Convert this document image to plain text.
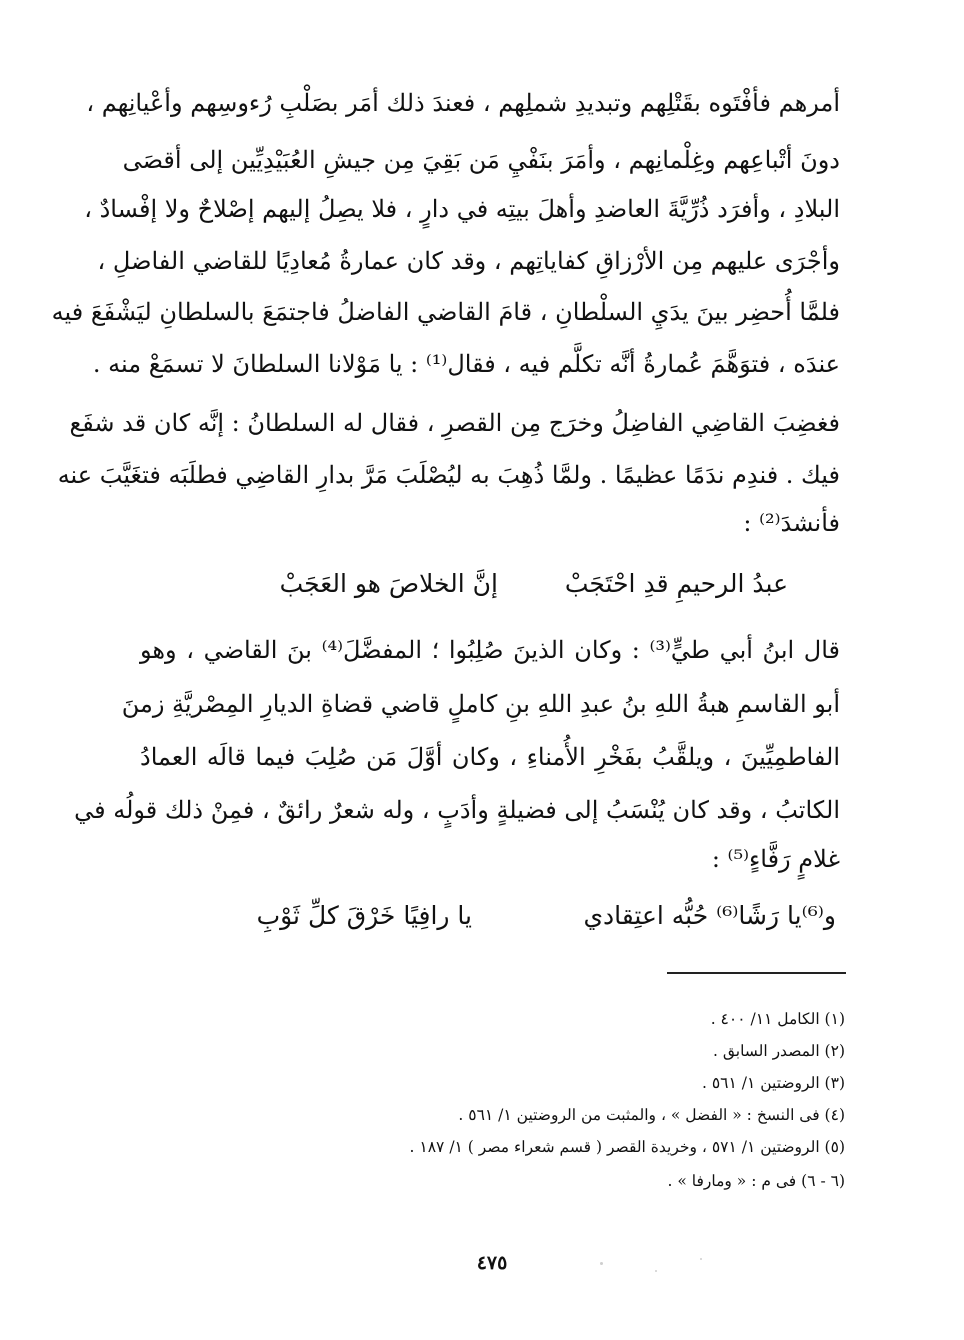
أمرهم فأفْتَوه بقَتْلِهم وتبديدِ شملِهم ، فعندَ ذلك أمَر بصَلْبِ رُءوسِهم وأعْيانِهم ،
دونَ أتْباعِهم وغِلْمانِهم ، وأمَرَ بنَفْيِ مَن بَقِيَ مِن جيشِ العُبَيْدِيِّين إلى أقصَى
البلادِ ، وأفرَد ذُرِّيَّةَ العاضدِ وأهلَ بيتِه في دارٍ ، فلا يصِلُ إليهم إصْلاحٌ ولا إفْسادٌ ،
وأجْرَى عليهم مِن الأرْزاقِ كفاياتِهم ، وقد كان عمارةُ مُعادِيًا للقاضي الفاضلِ ،
فلمَّا أُحضِر بينَ يدَيِ السلْطانِ ، قامَ القاضي الفاضلُ فاجتمَعَ بالسلطانِ ليَشْفَعَ فيه
عندَه ، فتوَهَّمَ عُمارةُ أنَّه تكلَّم فيه ، فقال⁽¹⁾ : يا مَوْلانا السلطانَ لا تسمَعْ منه .
فغضِبَ القاضِي الفاضِلُ وخرَج مِن القصرِ ، فقال له السلطانُ : إنَّه كان قد شفَع
فيك . فندِم ندَمًا عظيمًا . ولمَّا ذُهِبَ به ليُصْلَبَ مَرَّ بدارِ القاضِي فطلَبَه فتغَيَّبَ عنه
فأنشدَ⁽²⁾ :
إنَّ الخلاصَ هو العَجَبْ	عبدُ الرحيمِ قدِ احْتَجَبْ
قال ابنُ أبي طيٍّ⁽³⁾ : وكان الذينَ صُلِبُوا ؛ المفضَّلَ⁽⁴⁾ بنَ القاضي ، وهو
أبو القاسمِ هبةُ اللهِ بنُ عبدِ اللهِ بنِ كاملٍ قاضي قضاةِ الديارِ المِصْريَّةِ زمنَ
الفاطمِيِّينَ ، ويلقَّبُ بفَخْرِ الأُمناءِ ، وكان أوَّلَ مَن صُلِبَ فيما قالَه العمادُ
الكاتبُ ، وقد كان يُنْسَبُ إلى فضيلةٍ وأدَبٍ ، وله شعرٌ رائقٌ ، فمِنْ ذلك قولُه في
غلامٍ رَفَّاءٍ⁽⁵⁾ :
يا رافِيًا خَرْقَ كلِّ ثَوْبِ	و⁽⁶⁾يا رَشًا⁽⁶⁾ حُبُّه اعتِقادي
(١) الكامل ١١/ ٤٠٠ .
(٢) المصدر السابق .
(٣) الروضتين ١/ ٥٦١ .
(٤) فى النسخ : « الفضل » ، والمثبت من الروضتين ١/ ٥٦١ .
(٥) الروضتين ١/ ٥٧١ ، وخريدة القصر ( قسم شعراء مصر ) ١/ ١٨٧ .
(٦ - ٦) فى م : « ومارفا » .
٤٧٥
